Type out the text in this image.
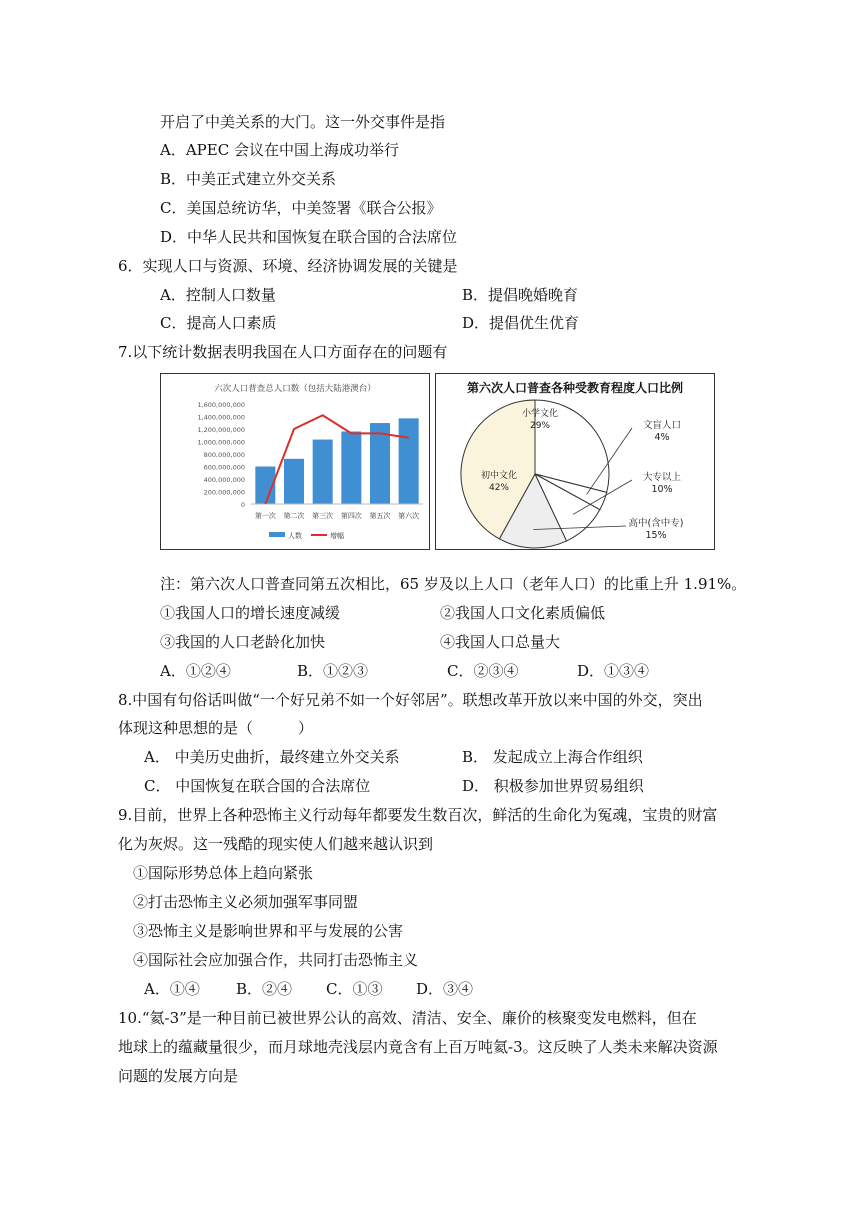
开启了中美关系的大门。这一外交事件是指
A．APEC 会议在中国上海成功举行
B．中美正式建立外交关系
C．美国总统访华，中美签署《联合公报》
D．中华人民共和国恢复在联合国的合法席位
6．实现人口与资源、环境、经济协调发展的关键是
A．控制人口数量	B．提倡晚婚晚育
C．提高人口素质	D．提倡优生优育
7.以下统计数据表明我国在人口方面存在的问题有
六次人口普查总人口数（包括大陆港澳台）
1,600,000,000
1,400,000,000
1,200,000,000
1,000,000,000
800,000,000
600,000,000
400,000,000
200,000,000
0
第一次 第二次 第三次 第四次 第五次 第六次
人数	增幅
第六次人口普查各种受教育程度人口比例
小学文化
29%	文盲人口
4%
大专以上
10%
高中(含中专)
15%
初中文化
42%
注：第六次人口普查同第五次相比，65 岁及以上人口（老年人口）的比重上升 1.91%。
①我国人口的增长速度减缓	②我国人口文化素质偏低
③我国的人口老龄化加快	④我国人口总量大
A．①②④	B．①②③	C．②③④	D．①③④
8.中国有句俗话叫做“一个好兄弟不如一个好邻居”。联想改革开放以来中国的外交，突出
体现这种思想的是（　　　）
A． 中美历史曲折，最终建立外交关系	B． 发起成立上海合作组织
C． 中国恢复在联合国的合法席位	D． 积极参加世界贸易组织
9.目前，世界上各种恐怖主义行动每年都要发生数百次，鲜活的生命化为冤魂，宝贵的财富
化为灰烬。这一残酷的现实使人们越来越认识到
①国际形势总体上趋向紧张
②打击恐怖主义必须加强军事同盟
③恐怖主义是影响世界和平与发展的公害
④国际社会应加强合作，共同打击恐怖主义
A．①④ B．②④ C．①③ D．③④
10.“氦-3”是一种目前已被世界公认的高效、清洁、安全、廉价的核聚变发电燃料，但在
地球上的蕴藏量很少，而月球地壳浅层内竟含有上百万吨氦-3。这反映了人类未来解决资源
问题的发展方向是
